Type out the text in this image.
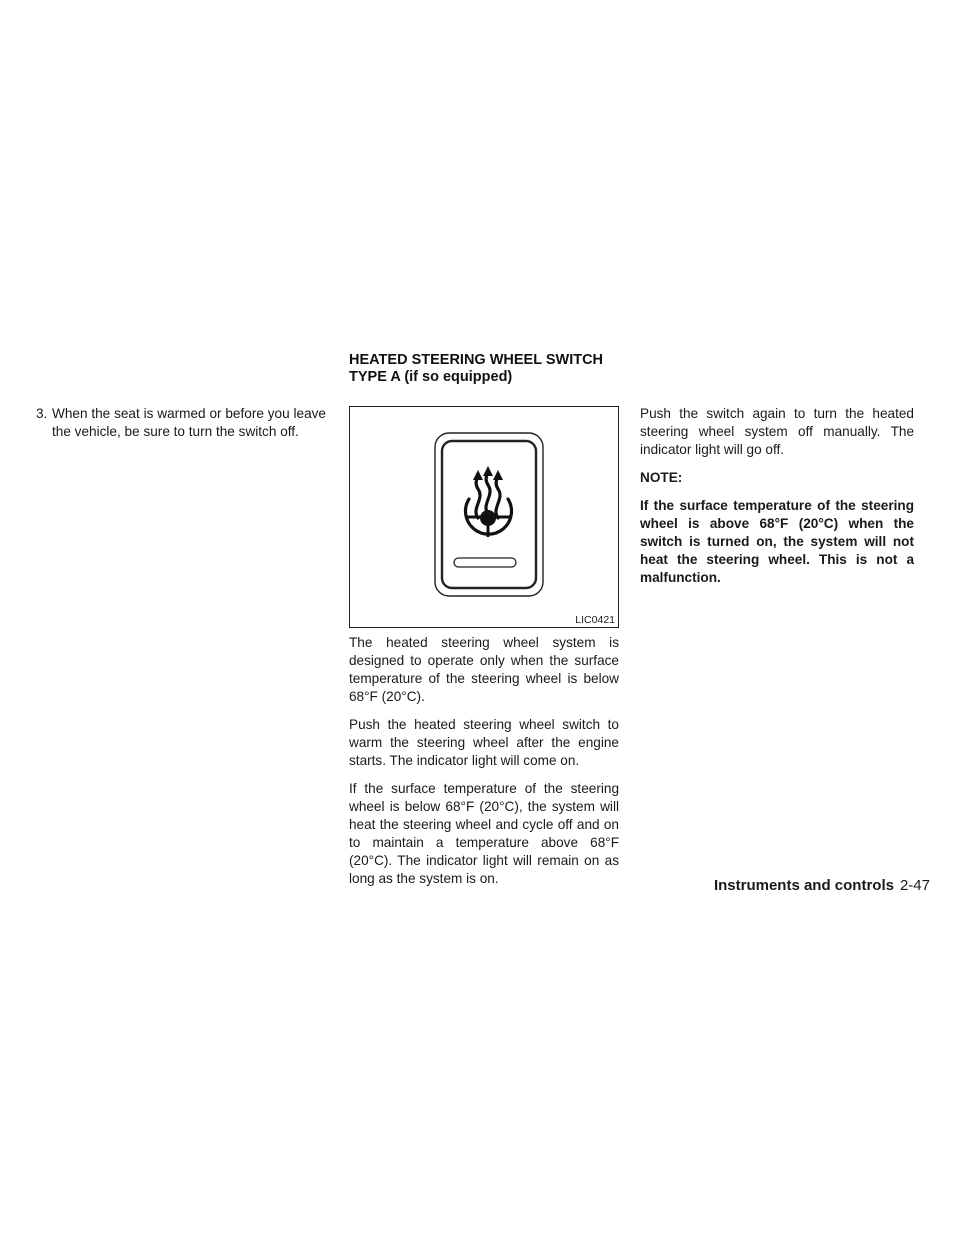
3. When the seat is warmed or before you leave the vehicle, be sure to turn the switch off.
HEATED STEERING WHEEL SWITCH
TYPE A (if so equipped)
LIC0421

The heated steering wheel system is designed to operate only when the surface temperature of the steering wheel is below 68°F (20°C).

Push the heated steering wheel switch to warm the steering wheel after the engine starts. The indicator light will come on.

If the surface temperature of the steering wheel is below 68°F (20°C), the system will heat the steering wheel and cycle off and on to maintain a temperature above 68°F (20°C). The indicator light will remain on as long as the system is on.

Push the switch again to turn the heated steering wheel system off manually. The indicator light will go off.

NOTE:

If the surface temperature of the steering wheel is above 68°F (20°C) when the switch is turned on, the system will not heat the steering wheel. This is not a malfunction.

Instruments and controls 2-47
